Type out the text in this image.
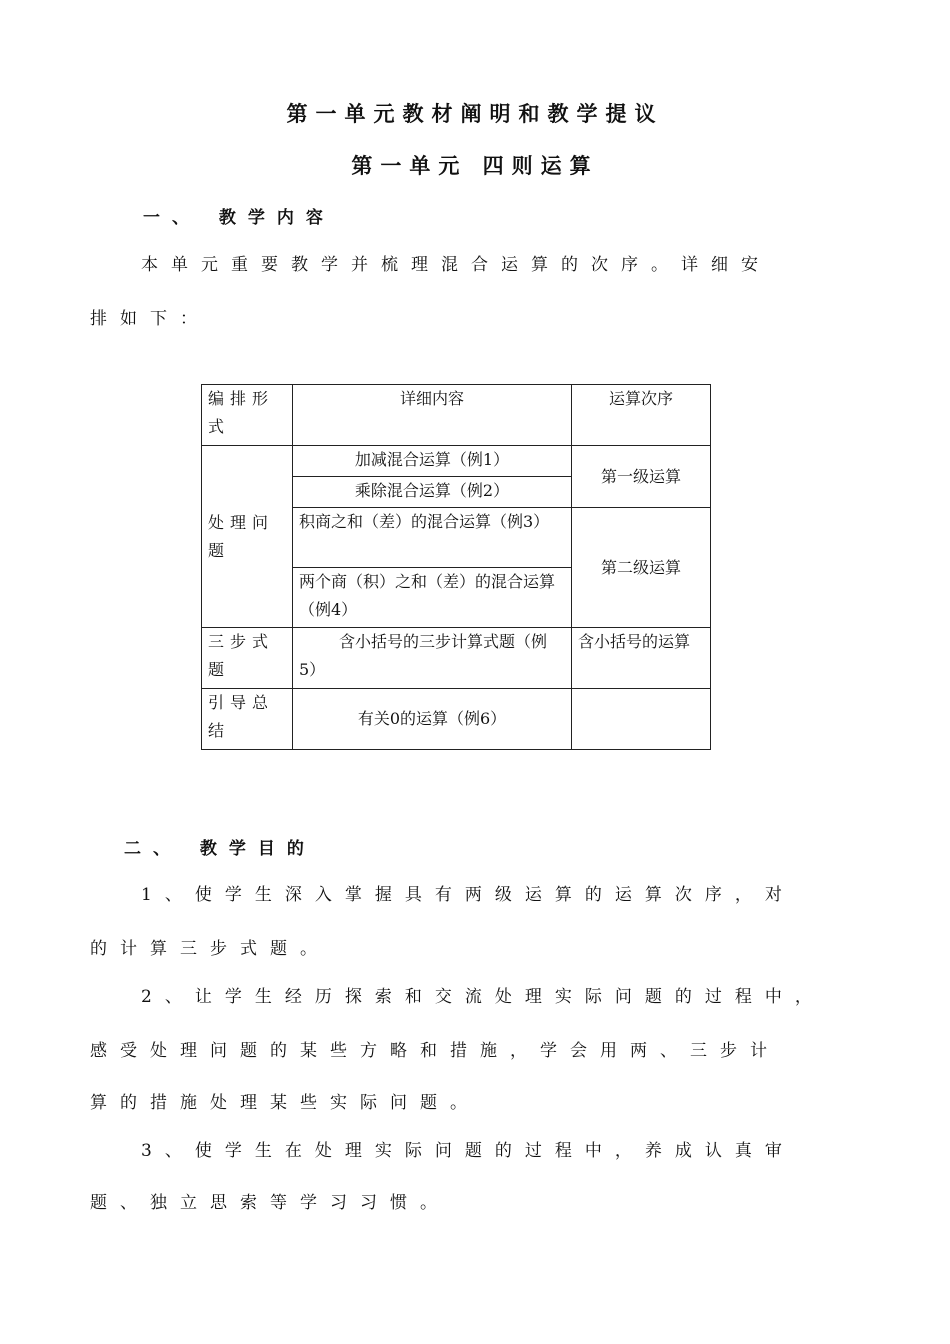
第一单元教材阐明和教学提议
第一单元 四则运算
一、 教学内容
本单元重要教学并梳理混合运算的次序。详细安
排如下：
编排形式	详细内容	运算次序
处理问题	加减混合运算（例1）	第一级运算
	乘除混合运算（例2）	
	积商之和（差）的混合运算（例3）	第二级运算
	两个商（积）之和（差）的混合运算（例4）	
三步式题	含小括号的三步计算式题（例5）	含小括号的运算
引导总结	有关0的运算（例6）	
二、 教学目的
1、使学生深入掌握具有两级运算的运算次序，对
的计算三步式题。
2、让学生经历探索和交流处理实际问题的过程中，
感受处理问题的某些方略和措施，学会用两、三步计
算的措施处理某些实际问题。
3、使学生在处理实际问题的过程中，养成认真审
题、独立思索等学习习惯。
